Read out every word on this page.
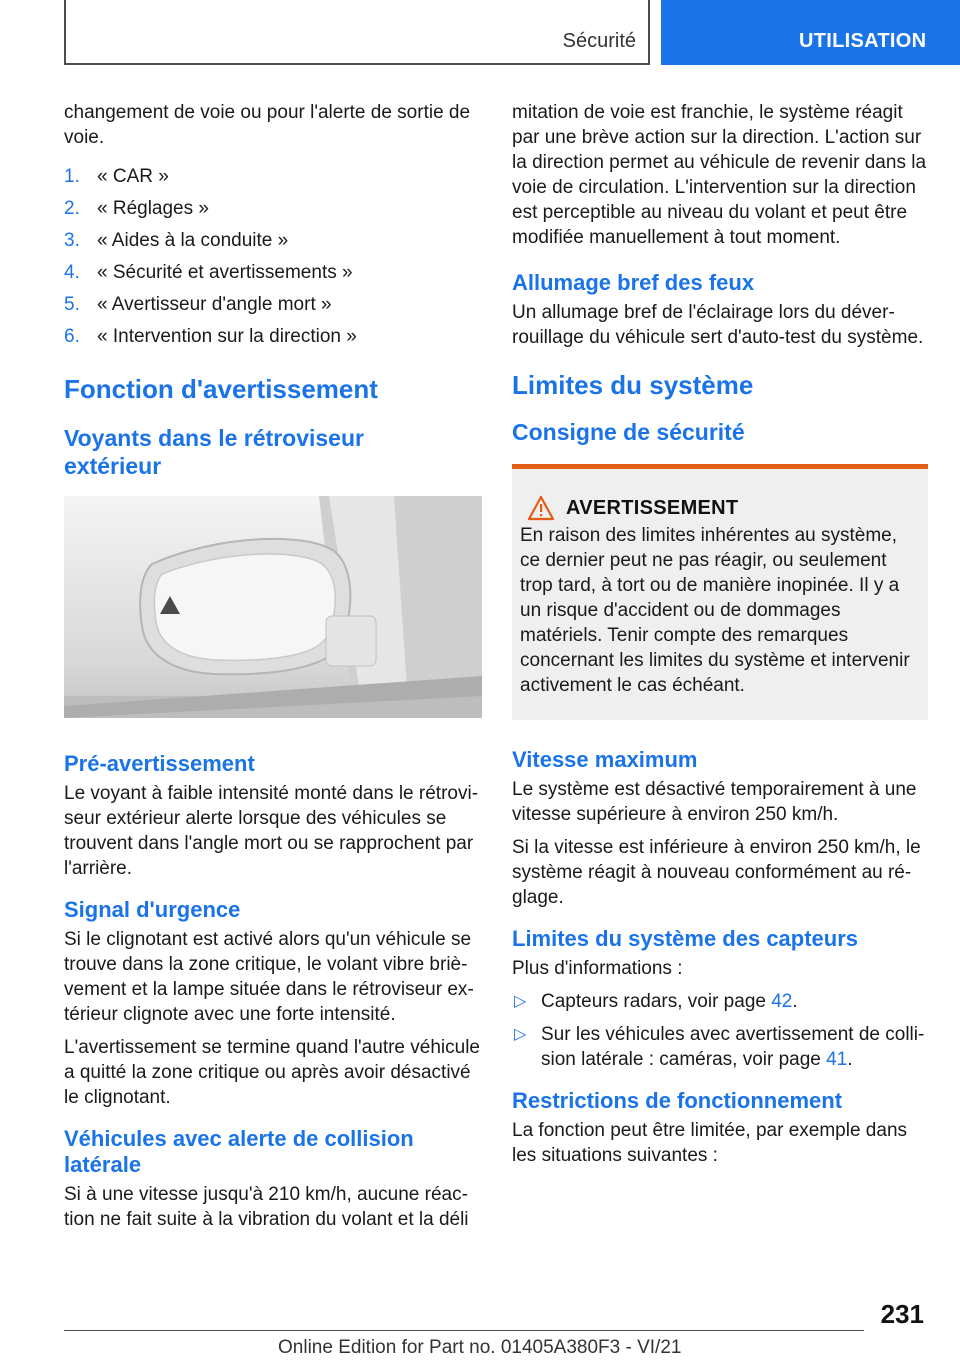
Sécurité	UTILISATION

changement de voie ou pour l'alerte de sortie de voie.

1. « CAR »
2. « Réglages »
3. « Aides à la conduite »
4. « Sécurité et avertissements »
5. « Avertisseur d'angle mort »
6. « Intervention sur la direction »
Fonction d'avertissement
Voyants dans le rétroviseur extérieur
Pré-avertissement

Le voyant à faible intensité monté dans le rétroviseur extérieur alerte lorsque des véhicules se trouvent dans l'angle mort ou se rapprochent par l'arrière.

Signal d'urgence

Si le clignotant est activé alors qu'un véhicule se trouve dans la zone critique, le volant vibre brièvement et la lampe située dans le rétroviseur extérieur clignote avec une forte intensité.

L'avertissement se termine quand l'autre véhicule a quitté la zone critique ou après avoir désactivé le clignotant.

Véhicules avec alerte de collision latérale

Si à une vitesse jusqu'à 210 km/h, aucune réaction ne fait suite à la vibration du volant et la déli

mitation de voie est franchie, le système réagit par une brève action sur la direction. L'action sur la direction permet au véhicule de revenir dans la voie de circulation. L'intervention sur la direction est perceptible au niveau du volant et peut être modifiée manuellement à tout moment.

Allumage bref des feux

Un allumage bref de l'éclairage lors du déverrouillage du véhicule sert d'auto-test du système.

Limites du système
Consigne de sécurité
AVERTISSEMENT

En raison des limites inhérentes au système, ce dernier peut ne pas réagir, ou seulement trop tard, à tort ou de manière inopinée. Il y a un risque d'accident ou de dommages matériels. Tenir compte des remarques concernant les limites du système et intervenir activement le cas échéant.

Vitesse maximum

Le système est désactivé temporairement à une vitesse supérieure à environ 250 km/h.

Si la vitesse est inférieure à environ 250 km/h, le système réagit à nouveau conformément au réglage.

Limites du système des capteurs

Plus d'informations :

▷ Capteurs radars, voir page 42.
▷ Sur les véhicules avec avertissement de collision latérale : caméras, voir page 41.
Restrictions de fonctionnement

La fonction peut être limitée, par exemple dans les situations suivantes :

231
Online Edition for Part no. 01405A380F3 - VI/21
